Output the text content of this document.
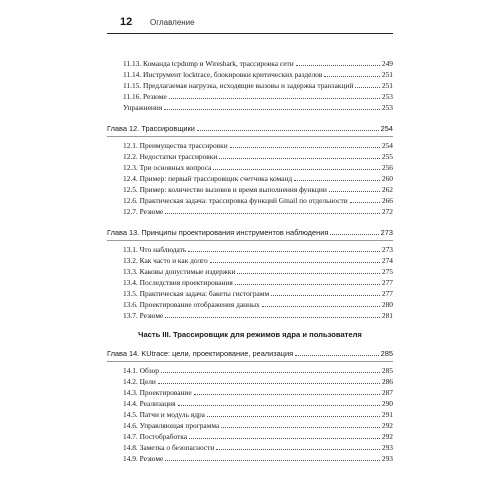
12 Оглавление
11.13. Команда tcpdump и Wireshark, трассировка сети	249
11.14. Инструмент locktrace, блокировки критических разделов	251
11.15. Предлагаемая нагрузка, исходящие вызовы и задержка транзакций	251
11.16. Резюме	253
Упражнения	253
Глава 12. Трассировщики	254
12.1. Преимущества трассировки	254
12.2. Недостатки трассировки	255
12.3. Три основных вопроса	256
12.4. Пример: первый трассировщик счетчика команд	260
12.5. Пример: количество вызовов и время выполнения функции	262
12.6. Практическая задача: трассировка функций Gmail по отдельности	266
12.7. Резюме	272
Глава 13. Принципы проектирования инструментов наблюдения	273
13.1. Что наблюдать	273
13.2. Как часто и как долго	274
13.3. Каковы допустимые издержки	275
13.4. Последствия проектирования	277
13.5. Практическая задача: бакеты гистограмм	277
13.6. Проектирование отображения данных	280
13.7. Резюме	281
Часть III. Трассировщик для режимов ядра и пользователя
Глава 14. KUtrace: цели, проектирование, реализация	285
14.1. Обзор	285
14.2. Цели	286
14.3. Проектирование	287
14.4. Реализация	290
14.5. Патчи и модуль ядра	291
14.6. Управляющая программа	292
14.7. Постобработка	292
14.8. Заметка о безопасности	293
14.9. Резюме	293
